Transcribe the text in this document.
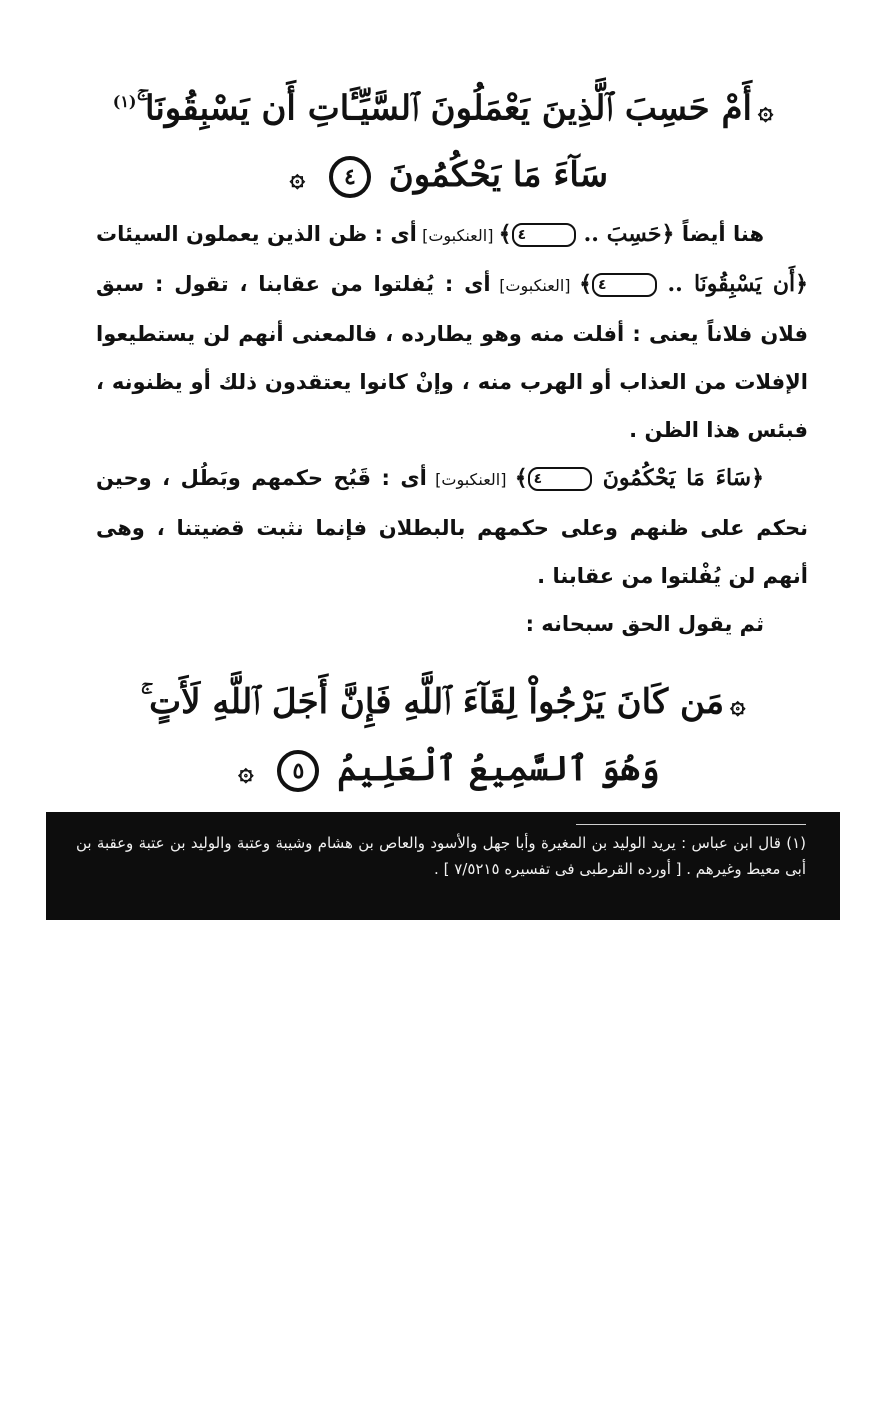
۞أَمْ حَسِبَ ٱلَّذِينَ يَعْمَلُونَ ٱلسَّيِّـَٔاتِ أَن يَسْبِقُونَا ۚ$^{(١)}$
سَآءَ مَا يَحْكُمُونَ ٤ ۞

هنا أيضاً ﴿حَسِبَ .. ٤﴾ [العنكبوت] أى : ظن الذين يعملون السيئات ﴿أَن يَسْبِقُونَا .. ٤﴾ [العنكبوت] أى : يُفلتوا من عقابنا ، تقول : سبق فلان فلاناً يعنى : أفلت منه وهو يطارده ، فالمعنى أنهم لن يستطيعوا الإفلات من العذاب أو الهرب منه ، وإنْ كانوا يعتقدون ذلك أو يظنونه ، فبئس هذا الظن .

﴿سَاءَ مَا يَحْكُمُونَ ٤﴾ [العنكبوت] أى : قَبُح حكمهم وبَطُل ، وحين نحكم على ظنهم وعلى حكمهم بالبطلان فإنما نثبت قضيتنا ، وهى أنهم لن يُفْلتوا من عقابنا .

ثم يقول الحق سبحانه :

۞مَن كَانَ يَرْجُواْ لِقَآءَ ٱللَّهِ فَإِنَّ أَجَلَ ٱللَّهِ لَأَتٍ ۚ
وَهُوَ ٱلسَّمِيعُ ٱلْعَلِيمُ ٥ ۞
(١) قال ابن عباس : يريد الوليد بن المغيرة وأبا جهل والأسود والعاص بن هشام وشيبة وعتبة والوليد بن عتبة وعقبة بن أبى معيط وغيرهم . [ أورده القرطبى فى تفسيره ٧/٥٢١٥ ] .
